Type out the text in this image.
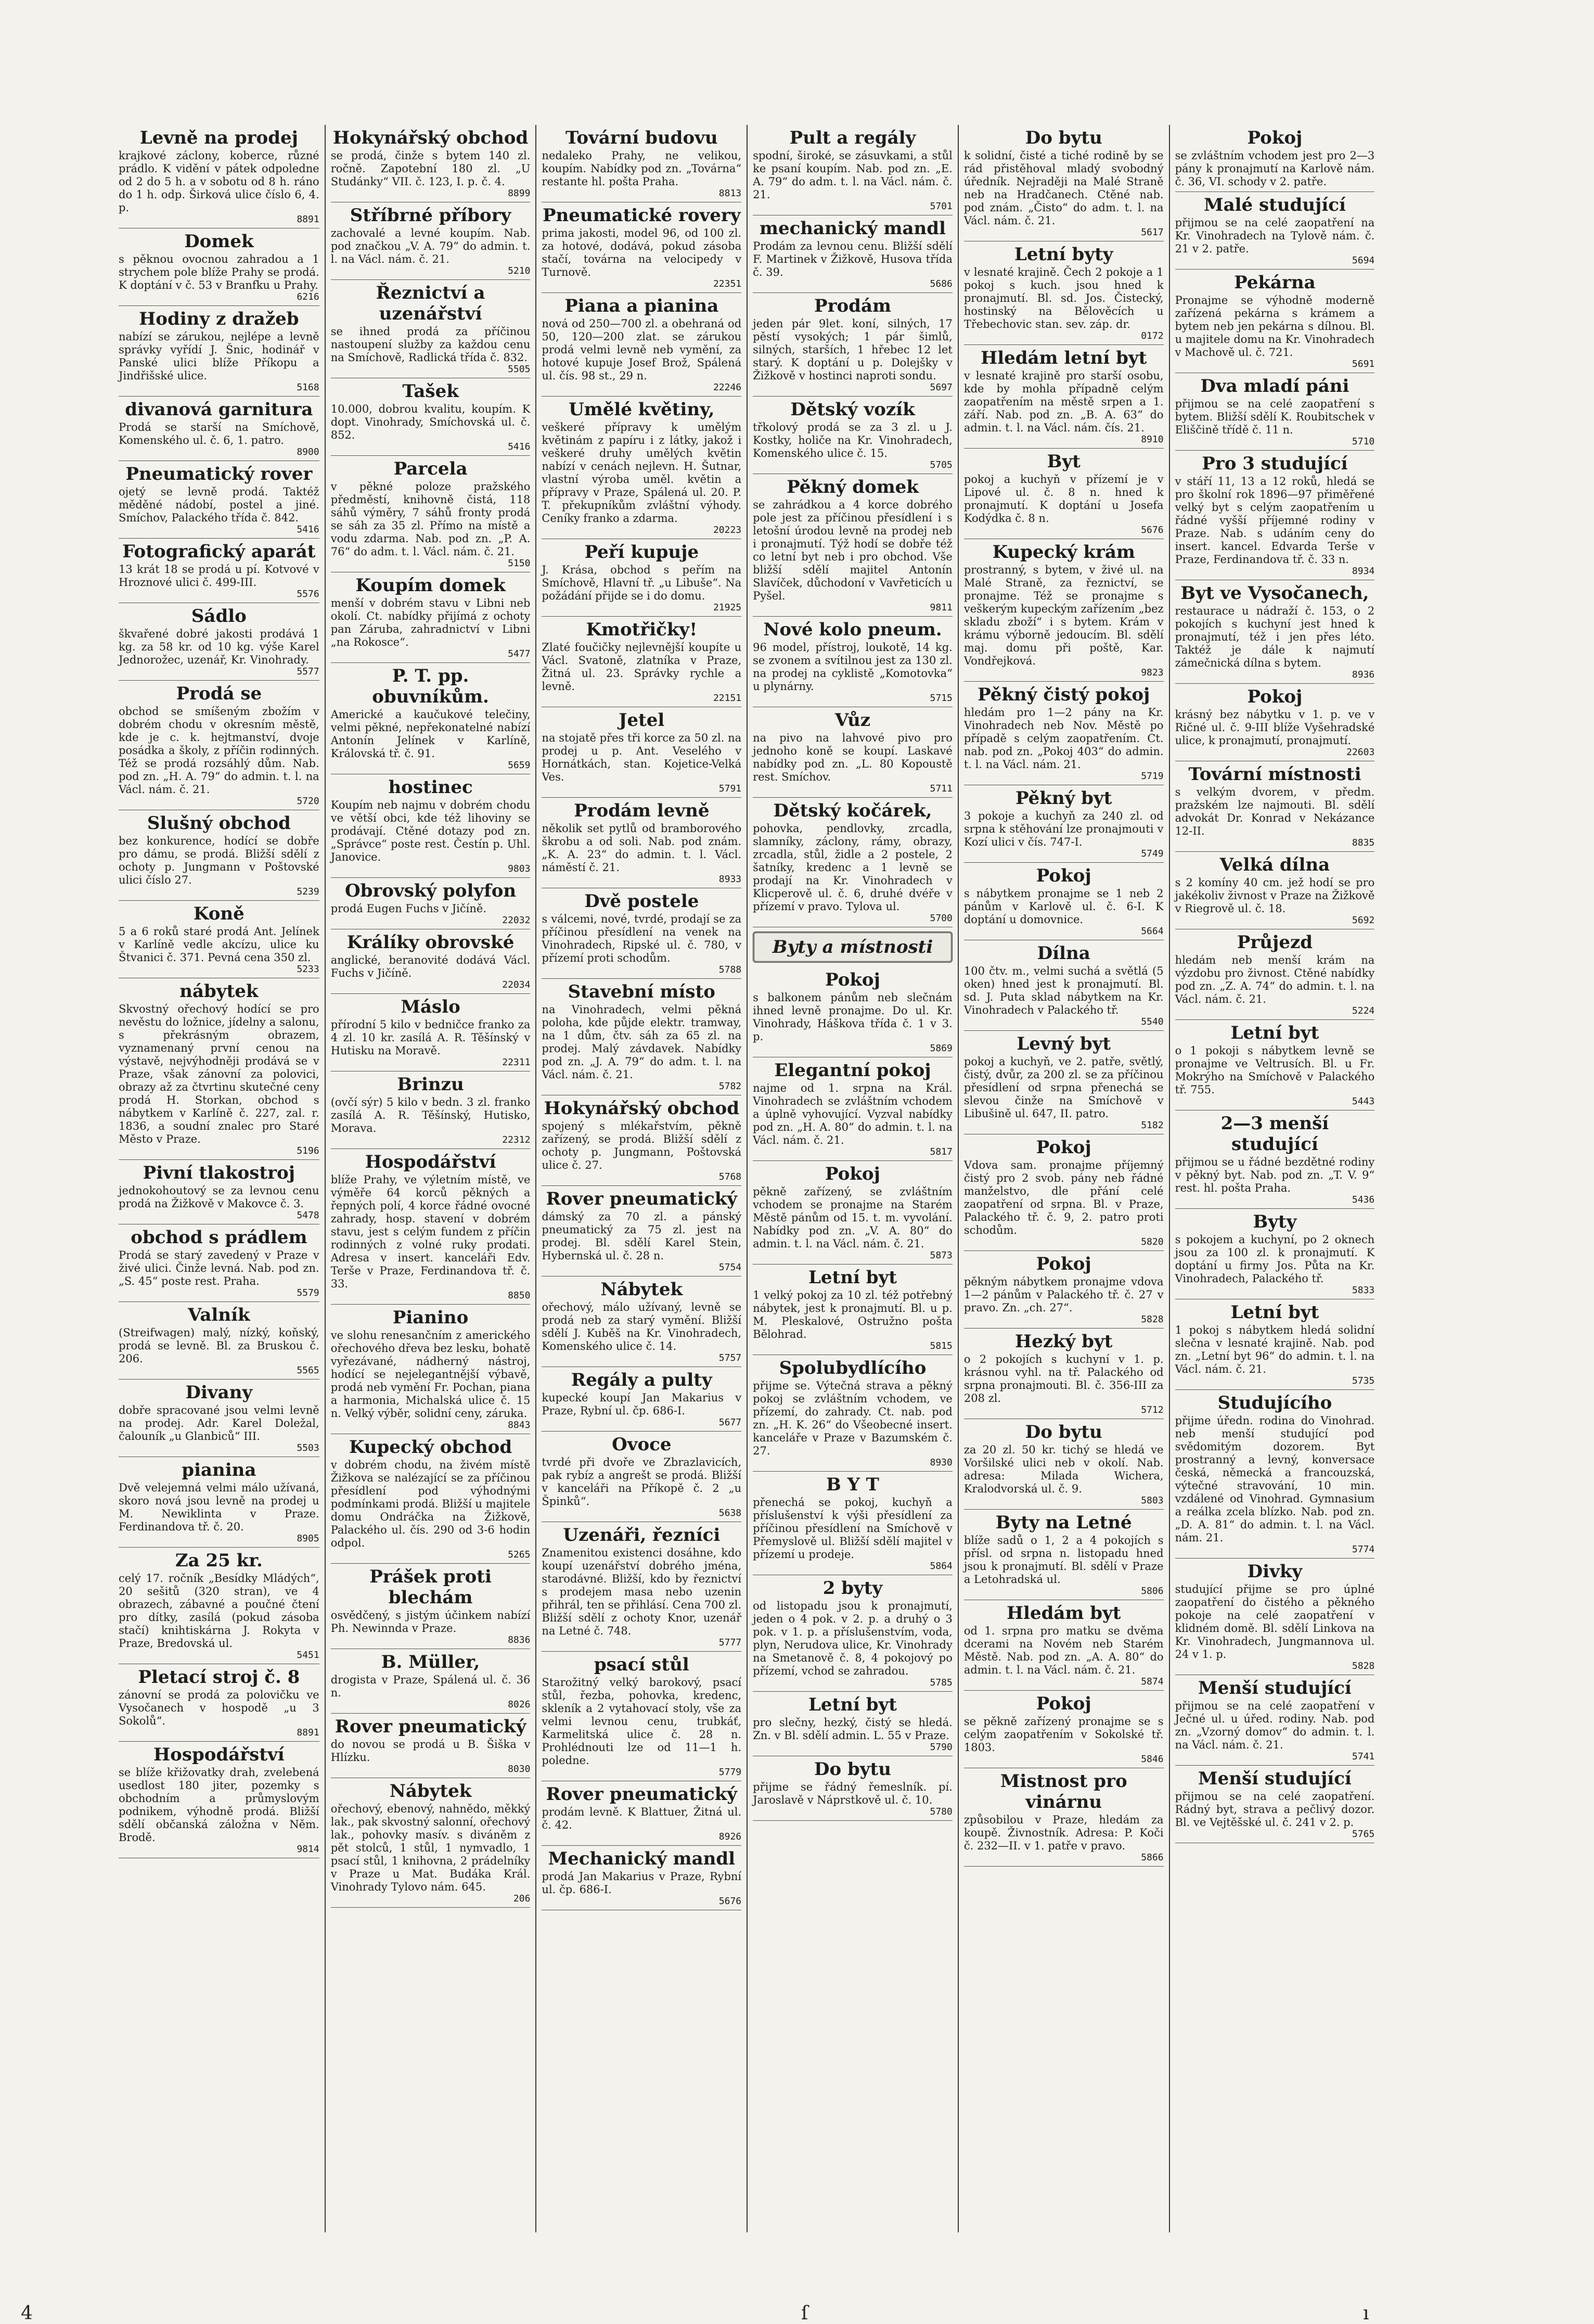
Levně na prodej
krajkové záclony, koberce, různé prádlo. K vidění v pátek odpoledne od 2 do 5 h. a v sobotu od 8 h. ráno do 1 h. odp. Širková ulice číslo 6, 4. p.
8891
Domek
s pěknou ovocnou zahradou a 1 strychem pole blíže Prahy se prodá. K doptání v č. 53 v Branfku u Prahy.
6216
Hodiny z dražeb
nabízí se zárukou, nejlépe a levně správky vyřídí J. Šnic, hodinář v Panské ulici blíže Příkopu a Jindřišské ulice.
5168
divanová garnitura
Prodá se starší na Smíchově, Komenského ul. č. 6, 1. patro.
8900
Pneumatický rover
ojetý se levně prodá. Taktéž měděné nádobí, postel a jiné. Smíchov, Palackého třída č. 842.
5416
Fotografický aparát
13 krát 18 se prodá u pí. Kotvové v Hroznové ulici č. 499-III.
5576
Sádlo
škvařené dobré jakosti prodává 1 kg. za 58 kr. od 10 kg. výše Karel Jednorožec, uzenář, Kr. Vinohrady.
5577
Prodá se
obchod se smíšeným zbožím v dobrém chodu v okresním městě, kde je c. k. hejtmanství, dvoje posádka a školy, z příčin rodinných. Též se prodá rozsáhlý dům. Nab. pod zn. „H. A. 79“ do admin. t. l. na Václ. nám. č. 21.
5720
Slušný obchod
bez konkurence, hodící se dobře pro dámu, se prodá. Bližší sdělí z ochoty p. Jungmann v Poštovské ulici číslo 27.
5239
Koně
5 a 6 roků staré prodá Ant. Jelínek v Karlíně vedle akcízu, ulice ku Štvanici č. 371. Pevná cena 350 zl.
5233
nábytek
Skvostný ořechový hodící se pro nevěstu do ložnice, jídelny a salonu, s překrásným obrazem, vyznamenaný první cenou na výstavě, nejvýhodněji prodává se v Praze, však zánovní za polovici, obrazy až za čtvrtinu skutečné ceny prodá H. Storkan, obchod s nábytkem v Karlíně č. 227, zal. r. 1836, a soudní znalec pro Staré Město v Praze.
5196
Pivní tlakostroj
jednokohoutový se za levnou cenu prodá na Žižkově v Makovce č. 3.
5478
obchod s prádlem
Prodá se starý zavedený v Praze v živé ulici. Činže levná. Nab. pod zn. „S. 45“ poste rest. Praha.
5579
Valník
(Streifwagen) malý, nízký, koňský, prodá se levně. Bl. za Bruskou č. 206.
5565
Divany
dobře spracované jsou velmi levně na prodej. Adr. Karel Doležal, čalouník „u Glanbiců“ III.
5503
pianina
Dvě velejemná velmi málo užívaná, skoro nová jsou levně na prodej u M. Newiklinta v Praze. Ferdinandova tř. č. 20.
8905
Za 25 kr.
celý 17. ročník „Besídky Mládých“, 20 sešitů (320 stran), ve 4 obrazech, zábavné a poučné čtení pro dítky, zasílá (pokud zásoba stačí) knihtiskárna J. Rokyta v Praze, Bredovská ul.
5451
Pletací stroj č. 8
zánovní se prodá za polovičku ve Vysočanech v hospodě „u 3 Sokolů“.
8891
Hospodářství
se blíže křižovatky drah, zvelebená usedlost 180 jiter, pozemky s obchodním a průmyslovým podnikem, výhodně prodá. Bližší sdělí občanská záložna v Něm. Brodě.
9814
Hokynářský obchod
se prodá, činže s bytem 140 zl. ročně. Zapotební 180 zl. „U Studánky“ VII. č. 123, I. p. č. 4.
8899
Stříbrné příbory
zachovalé a levné koupím. Nab. pod značkou „V. A. 79“ do admin. t. l. na Václ. nám. č. 21.
5210
Řeznictví a uzenářství
se ihned prodá za příčinou nastoupení služby za každou cenu na Smíchově, Radlická třída č. 832.
5505
Tašek
10.000, dobrou kvalitu, koupím. K dopt. Vinohrady, Smíchovská ul. č. 852.
5416
Parcela
v pěkné poloze pražského předměstí, knihovně čistá, 118 sáhů výměry, 7 sáhů fronty prodá se sáh za 35 zl. Přímo na místě a vodu zdarma. Nab. pod zn. „P. A. 76“ do adm. t. l. Václ. nám. č. 21.
5150
Koupím domek
menší v dobrém stavu v Libni neb okolí. Ct. nabídky přijímá z ochoty pan Záruba, zahradnictví v Libni „na Rokosce“.
5477
P. T. pp. obuvníkům.
Americké a kaučukové telečiny, velmi pěkné, nepřekonatelné nabízí Antonín Jelínek v Karlíně, Královská tř. č. 91.
5659
hostinec
Koupím neb najmu v dobrém chodu ve větší obci, kde též lihoviny se prodávají. Ctěné dotazy pod zn. „Správce“ poste rest. Čestín p. Uhl. Janovice.
9803
Obrovský polyfon
prodá Eugen Fuchs v Jičíně.
22032
Králíky obrovské
anglické, beranovité dodává Václ. Fuchs v Jičíně.
22034
Máslo
přírodní 5 kilo v bedničce franko za 4 zl. 10 kr. zasílá A. R. Těšínský v Hutisku na Moravě.
22311
Brinzu
(ovčí sýr) 5 kilo v bedn. 3 zl. franko zasílá A. R. Těšínský, Hutisko, Morava.
22312
Hospodářství
blíže Prahy, ve výletním místě, ve výměře 64 korců pěkných a řepných polí, 4 korce řádné ovocné zahrady, hosp. stavení v dobrém stavu, jest s celým fundem z příčin rodinných z volné ruky prodati. Adresa v insert. kanceláři Edv. Terše v Praze, Ferdinandova tř. č. 33.
8850
Pianino
ve slohu renesančním z amerického ořechového dřeva bez lesku, bohatě vyřezávané, nádherný nástroj, hodící se nejelegantnější výbavě, prodá neb vymění Fr. Pochan, piana a harmonia, Michalská ulice č. 15 n. Velký výběr, solidní ceny, záruka.
8843
Kupecký obchod
v dobrém chodu, na živém místě Žižkova se nalézající se za příčinou přesídlení pod výhodnými podmínkami prodá. Bližší u majitele domu Ondráčka na Žižkově, Palackého ul. čís. 290 od 3-6 hodin odpol.
5265
Prášek proti blechám
osvědčený, s jistým účinkem nabízí Ph. Newinnda v Praze.
8836
B. Müller,
drogista v Praze, Spálená ul. č. 36 n.
8026
Rover pneumatický
do novou se prodá u B. Šiška v Hlízku.
8030
Nábytek
ořechový, ebenový, nahnědo, měkký lak., pak skvostný salonní, ořechový lak., pohovky masív. s diváněm z pět stolců, 1 stůl, 1 nymvadlo, 1 psací stůl, 1 knihovna, 2 prádelníky v Praze u Mat. Budáka Král. Vinohrady Tylovo nám. 645.
206
Tovární budovu
nedaleko Prahy, ne velikou, koupím. Nabídky pod zn. „Továrna“ restante hl. pošta Praha.
8813
Pneumatické rovery
prima jakosti, model 96, od 100 zl. za hotové, dodává, pokud zásoba stačí, továrna na velocipedy v Turnově.
22351
Piana a pianina
nová od 250—700 zl. a obehraná od 50, 120—200 zlat. se zárukou prodá velmi levně neb vymění, za hotové kupuje Josef Brož, Spálená ul. čís. 98 st., 29 n.
22246
Umělé květiny,
veškeré přípravy k umělým květinám z papíru i z látky, jakož i veškeré druhy umělých květin nabízí v cenách nejlevn. H. Šutnar, vlastní výroba uměl. květin a přípravy v Praze, Spálená ul. 20. P. T. překupníkům zvláštní výhody. Ceníky franko a zdarma.
20223
Peří kupuje
J. Krása, obchod s peřím na Smíchově, Hlavní tř. „u Libuše“. Na požádání přijde se i do domu.
21925
Kmotřičky!
Zlaté foučičky nejlevnější koupíte u Václ. Svatoně, zlatníka v Praze, Žitná ul. 23. Správky rychle a levně.
22151
Jetel
na stojatě přes tři korce za 50 zl. na prodej u p. Ant. Veselého v Hornátkách, stan. Kojetice-Velká Ves.
5791
Prodám levně
několik set pytlů od bramborového škrobu a od soli. Nab. pod znám. „K. A. 23“ do admin. t. l. Václ. náměstí č. 21.
8933
Dvě postele
s válcemi, nové, tvrdé, prodají se za příčinou přesídlení na venek na Vinohradech, Ripské ul. č. 780, v přízemí proti schodům.
5788
Stavební místo
na Vinohradech, velmi pěkná poloha, kde půjde elektr. tramway, na 1 dům, čtv. sáh za 65 zl. na prodej. Malý závdavek. Nabídky pod zn. „J. A. 79“ do adm. t. l. na Václ. nám. č. 21.
5782
Hokynářský obchod
spojený s mlékařstvím, pěkně zařízený, se prodá. Bližší sdělí z ochoty p. Jungmann, Poštovská ulice č. 27.
5768
Rover pneumatický
dámský za 70 zl. a pánský pneumatický za 75 zl. jest na prodej. Bl. sdělí Karel Stein, Hybernská ul. č. 28 n.
5754
Nábytek
ořechový, málo užívaný, levně se prodá neb za starý vymění. Bližší sdělí J. Kuběš na Kr. Vinohradech, Komenského ulice č. 14.
5757
Regály a pulty
kupecké koupí Jan Makarius v Praze, Rybní ul. čp. 686-I.
5677
Ovoce
tvrdé při dvoře ve Zbrazlavicích, pak rybíz a angrešt se prodá. Bližší v kanceláři na Příkopě č. 2 „u Špinků“.
5638
Uzenáři, řezníci
Znamenitou existenci dosáhne, kdo koupí uzenářství dobrého jména, starodávné. Bližší, kdo by řeznictví s prodejem masa nebo uzenin přihrál, ten se přihlásí. Cena 700 zl. Bližší sdělí z ochoty Knor, uzenář na Letné č. 748.
5777
psací stůl
Starožitný velký barokový, psací stůl, řezba, pohovka, kredenc, skleník a 2 vytahovací stoly, vše za velmi levnou cenu, trubkáť, Karmelitská ulice č. 28 n. Prohlédnouti lze od 11—1 h. poledne.
5779
Rover pneumatický
prodám levně. K Blattuer, Žitná ul. č. 42.
8926
Mechanický mandl
prodá Jan Makarius v Praze, Rybní ul. čp. 686-I.
5676
Pult a regály
spodní, široké, se zásuvkami, a stůl ke psaní koupím. Nab. pod zn. „E. A. 79“ do adm. t. l. na Václ. nám. č. 21.
5701
mechanický mandl
Prodám za levnou cenu. Bližší sdělí F. Martinek v Žižkově, Husova třída č. 39.
5686
Prodám
jeden pár 9let. koní, silných, 17 pěstí vysokých; 1 pár šimlů, silných, starších, 1 hřebec 12 let starý. K doptání u p. Dolejšky v Žižkově v hostinci naproti sondu.
5697
Dětský vozík
třkolový prodá se za 3 zl. u J. Kostky, holiče na Kr. Vinohradech, Komenského ulice č. 15.
5705
Pěkný domek
se zahrádkou a 4 korce dobrého pole jest za příčinou přesídlení i s letošní úrodou levně na prodej neb i pronajmutí. Týž hodí se dobře též co letní byt neb i pro obchod. Vše bližší sdělí majitel Antonín Slavíček, důchodoní v Vavřeticích u Pyšel.
9811
Nové kolo pneum.
96 model, přístroj, loukotě, 14 kg. se zvonem a svítilnou jest za 130 zl. na prodej na cyklistě „Komotovka“ u plynárny.
5715
Vůz
na pivo na lahvové pivo pro jednoho koně se koupí. Laskavé nabídky pod zn. „L. 80 Kopoustě rest. Smíchov.
5711
Dětský kočárek,
pohovka, pendlovky, zrcadla, slamníky, záclony, rámy, obrazy, zrcadla, stůl, židle a 2 postele, 2 šatníky, kredenc a 1 levně se prodají na Kr. Vinohradech v Klicperově ul. č. 6, druhé dvéře v přízemí v pravo. Tylova ul.
5700
Byty a místnosti
Pokoj
s balkonem pánům neb slečnám ihned levně pronajme. Do ul. Kr. Vinohrady, Háškova třída č. 1 v 3. p.
5869
Elegantní pokoj
najme od 1. srpna na Král. Vinohradech se zvláštním vchodem a úplně vyhovující. Vyzval nabídky pod zn. „H. A. 80“ do admin. t. l. na Václ. nám. č. 21.
5817
Pokoj
pěkně zařízený, se zvláštním vchodem se pronajme na Starém Městě pánům od 15. t. m. vyvolání. Nabídky pod zn. „V. A. 80“ do admin. t. l. na Václ. nám. č. 21.
5873
Letní byt
1 velký pokoj za 10 zl. též potřebný nábytek, jest k pronajmutí. Bl. u p. M. Pleskalové, Ostružno pošta Bělohrad.
5815
Spolubydlícího
přijme se. Výtečná strava a pěkný pokoj se zvláštním vchodem, ve přízemí, do zahrady. Ct. nab. pod zn. „H. K. 26“ do Všeobecné insert. kanceláře v Praze v Bazumském č. 27.
8930
B Y T
přenechá se pokoj, kuchyň a příslušenství k výši přesídlení za příčinou přesídlení na Smíchově v Přemyslově ul. Bližší sdělí majitel v přízemí u prodeje.
5864
2 byty
od listopadu jsou k pronajmutí, jeden o 4 pok. v 2. p. a druhý o 3 pok. v 1. p. a příslušenstvím, voda, plyn, Nerudova ulice, Kr. Vinohrady na Smetanově č. 8, 4 pokojový po přízemí, vchod se zahradou.
5785
Letní byt
pro slečny, hezký, čistý se hledá. Zn. v Bl. sdělí admin. L. 55 v Praze.
5790
Do bytu
přijme se řádný řemeslník. pí. Jaroslavě v Náprstkově ul. č. 10.
5780
Do bytu
k solidní, čisté a tiché rodině by se rád přistěhoval mladý svobodný úředník. Nejraději na Malé Straně neb na Hradčanech. Ctěné nab. pod znám. „Čisto“ do adm. t. l. na Václ. nám. č. 21.
5617
Letní byty
v lesnaté krajině. Čech 2 pokoje a 1 pokoj s kuch. jsou hned k pronajmutí. Bl. sd. Jos. Čistecký, hostinský na Bělověcích u Třebechovic stan. sev. záp. dr.
0172
Hledám letní byt
v lesnaté krajině pro starší osobu, kde by mohla případně celým zaopatřením na městě srpen a 1. září. Nab. pod zn. „B. A. 63“ do admin. t. l. na Václ. nám. čís. 21.
8910
Byt
pokoj a kuchyň v přízemí je v Lipové ul. č. 8 n. hned k pronajmutí. K doptání u Josefa Kodýdka č. 8 n.
5676
Kupecký krám
prostranný, s bytem, v živé ul. na Malé Straně, za řeznictví, se pronajme. Též se pronajme s veškerým kupeckým zařízením „bez skladu zboží“ i s bytem. Krám v krámu výborně jedoucím. Bl. sdělí maj. domu při poště, Kar. Vondřejková.
9823
Pěkný čistý pokoj
hledám pro 1—2 pány na Kr. Vinohradech neb Nov. Městě po případě s celým zaopatřením. Ct. nab. pod zn. „Pokoj 403“ do admin. t. l. na Václ. nám. 21.
5719
Pěkný byt
3 pokoje a kuchyň za 240 zl. od srpna k stěhování lze pronajmouti v Kozí ulici v čís. 747-I.
5749
Pokoj
s nábytkem pronajme se 1 neb 2 pánům v Karlově ul. č. 6-I. K doptání u domovnice.
5664
Dílna
100 čtv. m., velmi suchá a světlá (5 oken) hned jest k pronajmutí. Bl. sd. J. Puta sklad nábytkem na Kr. Vinohradech v Palackého tř.
5540
Levný byt
pokoj a kuchyň, ve 2. patře, světlý, čistý, dvůr, za 200 zl. se za příčinou přesídlení od srpna přenechá se slevou činže na Smíchově v Libušině ul. 647, II. patro.
5182
Pokoj
Vdova sam. pronajme příjemný čistý pro 2 svob. pány neb řádné manželstvo, dle přání celé zaopatření od srpna. Bl. v Praze, Palackého tř. č. 9, 2. patro proti schodům.
5820
Pokoj
pěkným nábytkem pronajme vdova 1—2 pánům v Palackého tř. č. 27 v pravo. Zn. „ch. 27“.
5828
Hezký byt
o 2 pokojích s kuchyní v 1. p. krásnou vyhl. na tř. Palackého od srpna pronajmouti. Bl. č. 356-III za 208 zl.
5712
Do bytu
za 20 zl. 50 kr. tichý se hledá ve Voršilské ulici neb v okolí. Nab. adresa: Milada Wichera, Kralodvorská ul. č. 9.
5803
Byty na Letné
blíže sadů o 1, 2 a 4 pokojích s přísl. od srpna n. listopadu hned jsou k pronajmutí. Bl. sdělí v Praze a Letohradská ul.
5806
Hledám byt
od 1. srpna pro matku se dvěma dcerami na Novém neb Starém Městě. Nab. pod zn. „A. A. 80“ do admin. t. l. na Václ. nám. č. 21.
5874
Pokoj
se pěkně zařízený pronajme se s celým zaopatřením v Sokolské tř. 1803.
5846
Mistnost pro vinárnu
způsobilou v Praze, hledám za koupě. Živnostník. Adresa: P. Koči č. 232—II. v 1. patře v pravo.
5866
Pokoj
se zvláštním vchodem jest pro 2—3 pány k pronajmutí na Karlově nám. č. 36, VI. schody v 2. patře.
Malé studující
přijmou se na celé zaopatření na Kr. Vinohradech na Tylově nám. č. 21 v 2. patře.
5694
Pekárna
Pronajme se výhodně moderně zařízená pekárna s krámem a bytem neb jen pekárna s dílnou. Bl. u majitele domu na Kr. Vinohradech v Machově ul. č. 721.
5691
Dva mladí páni
přijmou se na celé zaopatření s bytem. Bližší sdělí K. Roubitschek v Eliščině třídě č. 11 n.
5710
Pro 3 studující
v stáří 11, 13 a 12 roků, hledá se pro školní rok 1896—97 přiměřené velký byt s celým zaopatřením u řádné vyšší příjemné rodiny v Praze. Nab. s udáním ceny do insert. kancel. Edvarda Terše v Praze, Ferdinandova tř. č. 33 n.
8934
Byt ve Vysočanech,
restaurace u nádraží č. 153, o 2 pokojích s kuchyní jest hned k pronajmutí, též i jen přes léto. Taktéž je dále k najmutí zámečnická dílna s bytem.
8936
Pokoj
krásný bez nábytku v 1. p. ve v Ričné ul. č. 9-III blíže Vyšehradské ulice, k pronajmutí, pronajmutí.
22603
Tovární místnosti
s velkým dvorem, v předm. pražském lze najmouti. Bl. sdělí advokát Dr. Konrad v Nekázance 12-II.
8835
Velká dílna
s 2 komíny 40 cm. jež hodí se pro jakékoliv živnost v Praze na Žižkově v Riegrově ul. č. 18.
5692
Průjezd
hledám neb menší krám na výzdobu pro živnost. Ctěné nabídky pod zn. „Z. A. 74“ do admin. t. l. na Václ. nám. č. 21.
5224
Letní byt
o 1 pokoji s nábytkem levně se pronajme ve Veltrusích. Bl. u Fr. Mokrýho na Smíchově v Palackého tř. 755.
5443
2—3 menší studující
přijmou se u řádné bezdětné rodiny v pěkný byt. Nab. pod zn. „T. V. 9“ rest. hl. pošta Praha.
5436
Byty
s pokojem a kuchyní, po 2 oknech jsou za 100 zl. k pronajmutí. K doptání u firmy Jos. Půta na Kr. Vinohradech, Palackého tř.
5833
Letní byt
1 pokoj s nábytkem hledá solidní slečna v lesnaté krajině. Nab. pod zn. „Letní byt 96“ do admin. t. l. na Václ. nám. č. 21.
5735
Studujícího
přijme úředn. rodina do Vinohrad. neb menší studující pod svědomitým dozorem. Byt prostranný a levný, konversace česká, německá a francouzská, výtečné stravování, 10 min. vzdálené od Vinohrad. Gymnasium a reálka zcela blízko. Nab. pod zn. „D. A. 81“ do admin. t. l. na Václ. nám. 21.
5774
Divky
studující přijme se pro úplné zaopatření do čistého a pěkného pokoje na celé zaopatření v klidném domě. Bl. sdělí Linkova na Kr. Vinohradech, Jungmannova ul. 24 v 1. p.
5828
Menší studující
přijmou se na celé zaopatření v Ječné ul. u úřed. rodiny. Nab. pod zn. „Vzorný domov“ do admin. t. l. na Václ. nám. č. 21.
5741
Menší studující
přijmou se na celé zaopatření. Rádný byt, strava a pečlivý dozor. Bl. ve Vejtěšské ul. č. 241 v 2. p.
5765
4	ſ	ı
